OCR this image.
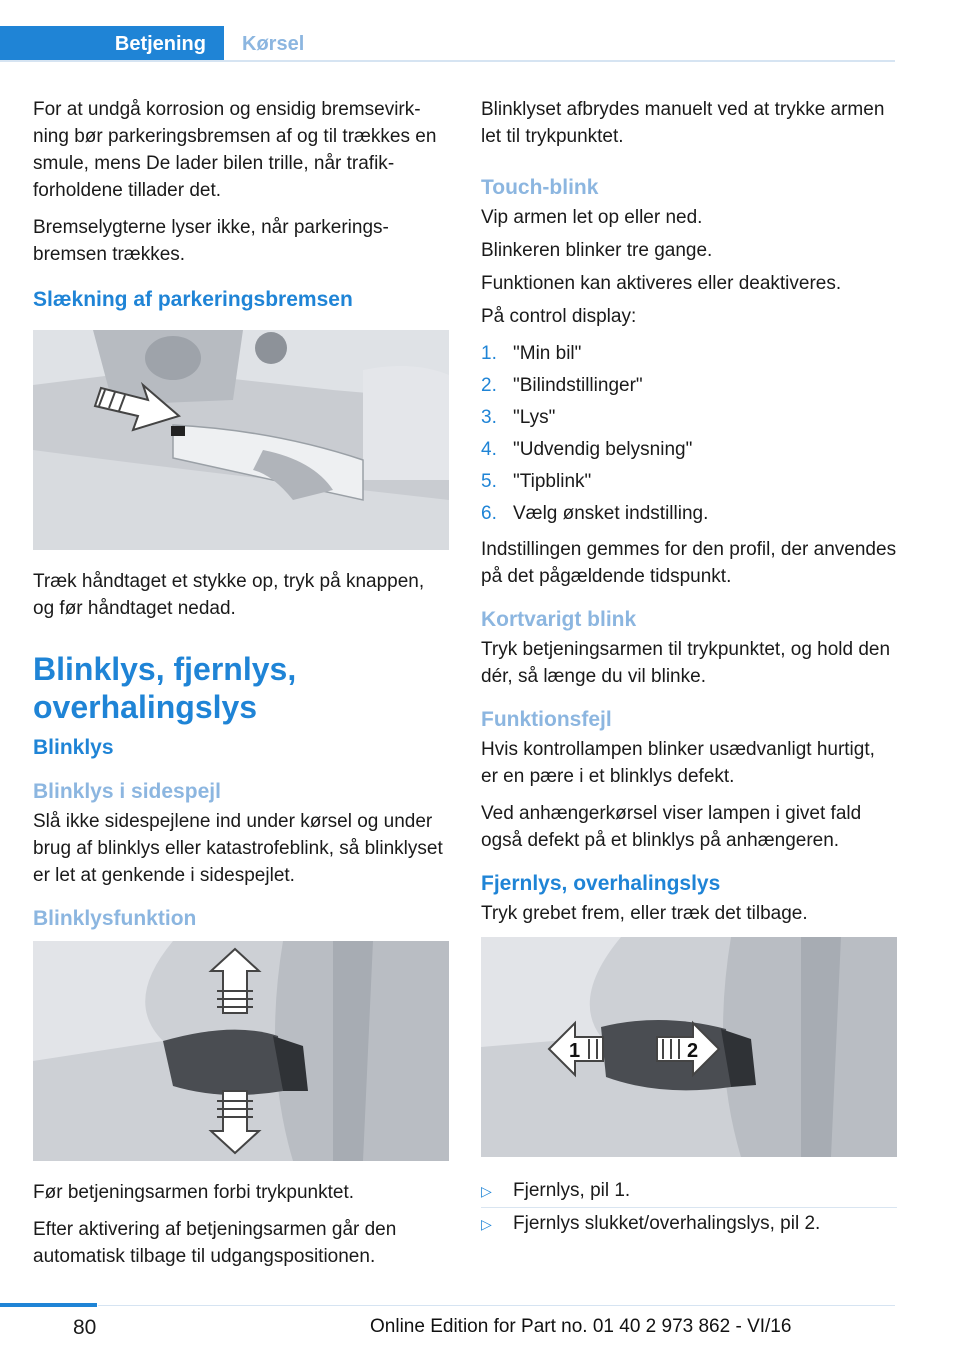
Betjening Kørsel

For at undgå korrosion og ensidig bremsevirkning bør parkeringsbremsen af og til trækkes en smule, mens De lader bilen trille, når trafikforholdene tillader det.

Bremselygterne lyser ikke, når parkeringsbremsen trækkes.

Slækning af parkeringsbremsen

Træk håndtaget et stykke op, tryk på knappen, og før håndtaget nedad.

Blinklys, fjernlys, overhalingslys
Blinklys
Blinklys i sidespejl

Slå ikke sidespejlene ind under kørsel og under brug af blinklys eller katastrofeblink, så blinklyset er let at genkende i sidespejlet.

Blinklysfunktion

Før betjeningsarmen forbi trykpunktet.

Efter aktivering af betjeningsarmen går den automatisk tilbage til udgangspositionen.

Blinklyset afbrydes manuelt ved at trykke armen let til trykpunktet.

Touch-blink

Vip armen let op eller ned.

Blinkeren blinker tre gange.

Funktionen kan aktiveres eller deaktiveres.

På control display:

1. "Min bil"
2. "Bilindstillinger"
3. "Lys"
4. "Udvendig belysning"
5. "Tipblink"
6. Vælg ønsket indstilling.

Indstillingen gemmes for den profil, der anvendes på det pågældende tidspunkt.

Kortvarigt blink

Tryk betjeningsarmen til trykpunktet, og hold den dér, så længe du vil blinke.

Funktionsfejl

Hvis kontrollampen blinker usædvanligt hurtigt, er en pære i et blinklys defekt.

Ved anhængerkørsel viser lampen i givet fald også defekt på et blinklys på anhængeren.

Fjernlys, overhalingslys

Tryk grebet frem, eller træk det tilbage.

1	2
▷	Fjernlys, pil 1.
▷	Fjernlys slukket/overhalingslys, pil 2.
80	Online Edition for Part no. 01 40 2 973 862 - VI/16
